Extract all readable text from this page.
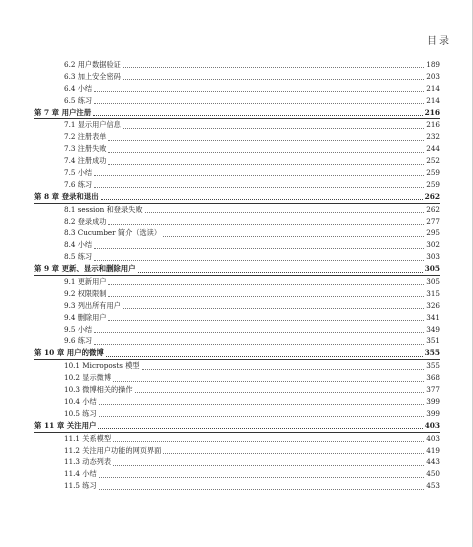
目录
6.2 用户数据验证	189
6.3 加上安全密码	203
6.4 小结	214
6.5 练习	214
第 7 章 用户注册	216
7.1 显示用户信息	216
7.2 注册表单	232
7.3 注册失败	244
7.4 注册成功	252
7.5 小结	259
7.6 练习	259
第 8 章 登录和退出	262
8.1 session 和登录失败	262
8.2 登录成功	277
8.3 Cucumber 简介（选读）	295
8.4 小结	302
8.5 练习	303
第 9 章 更新、显示和删除用户	305
9.1 更新用户	305
9.2 权限限制	315
9.3 列出所有用户	326
9.4 删除用户	341
9.5 小结	349
9.6 练习	351
第 10 章 用户的微博	355
10.1 Microposts 模型	355
10.2 显示微博	368
10.3 微博相关的操作	377
10.4 小结	399
10.5 练习	399
第 11 章 关注用户	403
11.1 关系模型	403
11.2 关注用户功能的网页界面	419
11.3 动态列表	443
11.4 小结	450
11.5 练习	453
